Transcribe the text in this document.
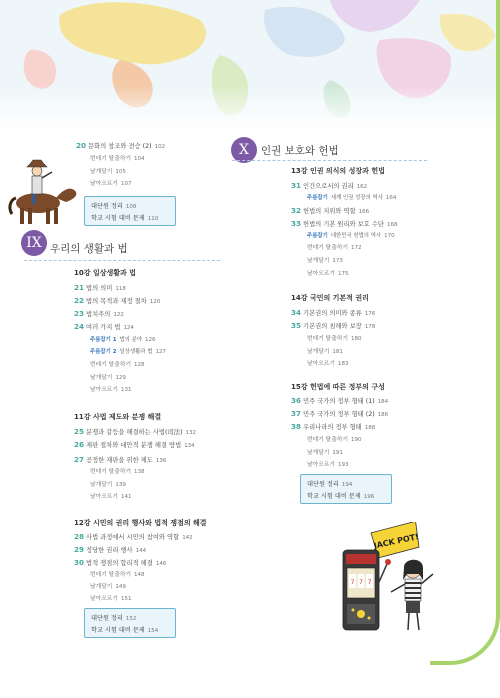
20 문화의 창조와 전승 (2) 102
번데기 탈출하기 104
날개달기 105
날아오르기 107
대단원 정리 108
학교 시험 대비 문제 110
IX 우리의 생활과 법
10강 일상생활과 법
21 법의 의미 118
22 법의 목적과 제정 절차 120
23 법치주의 122
24 여러 가지 법 124
주름잡기 1 법의 분야 126
주름잡기 2 일상생활과 법 127
번데기 탈출하기 128
날개달기 129
날아오르기 131
11강 사법 제도와 분쟁 해결
25 분쟁과 갈등을 해결하는 사법(司法) 132
26 재판 절차와 대안적 분쟁 해결 방법 134
27 공정한 재판을 위한 제도 136
번데기 탈출하기 138
날개달기 139
날아오르기 141
12강 시민의 권리 행사와 법적 쟁점의 해결
28 사법 과정에서 시민의 참여와 역할 142
29 정당한 권리 행사 144
30 법적 쟁점의 합리적 해결 146
번데기 탈출하기 148
날개달기 149
날아오르기 151
대단원 정리 152
학교 시험 대비 문제 154
X	인권 보호와 헌법
13강 인권 의식의 성장과 헌법
31 인간으로서의 권리 162
주름잡기 세계 인권 성장의 역사 164
32 헌법의 지위와 역할 166
33 헌법의 기본 원리와 보호 수단 168
주름잡기 대한민국 헌법의 역사 170
번데기 탈출하기 172
날개달기 173
날아오르기 175
14강 국민의 기본적 권리
34 기본권의 의미와 종류 176
35 기본권의 침해와 보장 178
번데기 탈출하기 180
날개달기 181
날아오르기 183
15강 헌법에 따른 정부의 구성
36 민주 국가의 정부 형태 (1) 184
37 민주 국가의 정부 형태 (2) 186
38 우리나라의 정부 형태 188
번데기 탈출하기 190
날개달기 191
날아오르기 193
대단원 정리 194
학교 시험 대비 문제 196
JACK POT!
7 7 7
